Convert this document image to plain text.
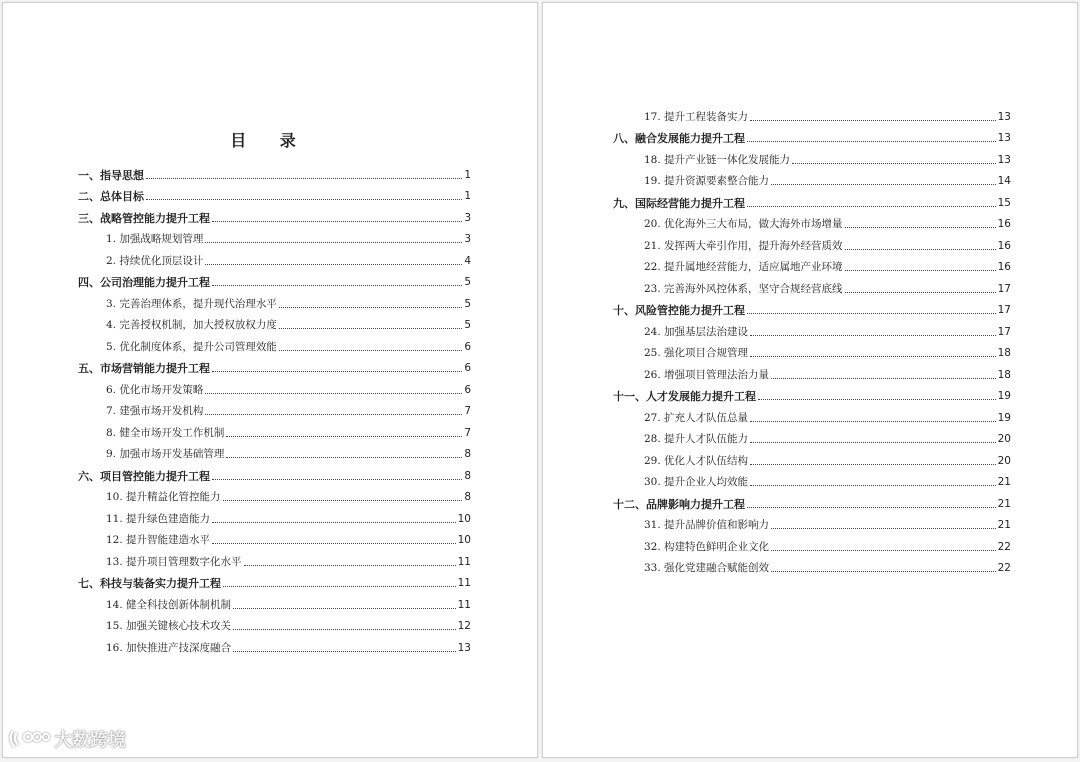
目 录
一、指导思想	1
二、总体目标	1
三、战略管控能力提升工程	3
1. 加强战略规划管理	3
2. 持续优化顶层设计	4
四、公司治理能力提升工程	5
3. 完善治理体系，提升现代治理水平	5
4. 完善授权机制，加大授权放权力度	5
5. 优化制度体系，提升公司管理效能	6
五、市场营销能力提升工程	6
6. 优化市场开发策略	6
7. 建强市场开发机构	7
8. 健全市场开发工作机制	7
9. 加强市场开发基础管理	8
六、项目管控能力提升工程	8
10. 提升精益化管控能力	8
11. 提升绿色建造能力	10
12. 提升智能建造水平	10
13. 提升项目管理数字化水平	11
七、科技与装备实力提升工程	11
14. 健全科技创新体制机制	11
15. 加强关键核心技术攻关	12
16. 加快推进产技深度融合	13
17. 提升工程装备实力	13
八、融合发展能力提升工程	13
18. 提升产业链一体化发展能力	13
19. 提升资源要素整合能力	14
九、国际经营能力提升工程	15
20. 优化海外三大布局，做大海外市场增量	16
21. 发挥两大牵引作用，提升海外经营质效	16
22. 提升属地经营能力，适应属地产业环境	16
23. 完善海外风控体系，坚守合规经营底线	17
十、风险管控能力提升工程	17
24. 加强基层法治建设	17
25. 强化项目合规管理	18
26. 增强项目管理法治力量	18
十一、人才发展能力提升工程	19
27. 扩充人才队伍总量	19
28. 提升人才队伍能力	20
29. 优化人才队伍结构	20
30. 提升企业人均效能	21
十二、品牌影响力提升工程	21
31. 提升品牌价值和影响力	21
32. 构建特色鲜明企业文化	22
33. 强化党建融合赋能创效	22
大数跨境
